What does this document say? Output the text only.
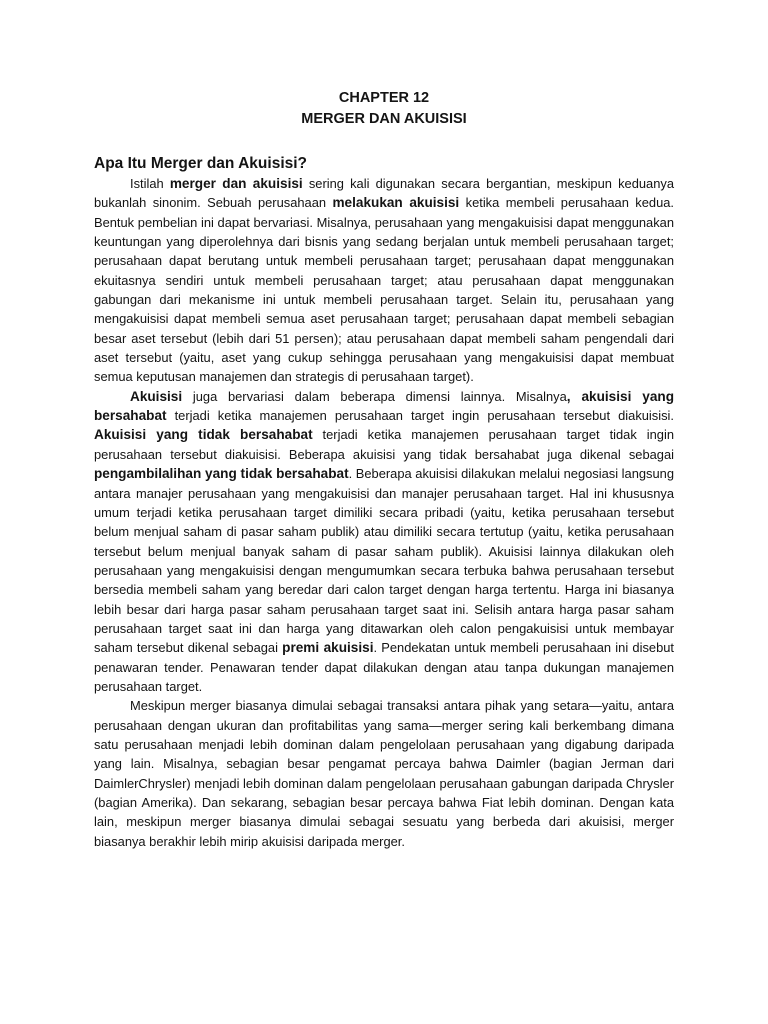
CHAPTER 12
MERGER DAN AKUISISI
Apa Itu Merger dan Akuisisi?

Istilah merger dan akuisisi sering kali digunakan secara bergantian, meskipun keduanya bukanlah sinonim. Sebuah perusahaan melakukan akuisisi ketika membeli perusahaan kedua. Bentuk pembelian ini dapat bervariasi. Misalnya, perusahaan yang mengakuisisi dapat menggunakan keuntungan yang diperolehnya dari bisnis yang sedang berjalan untuk membeli perusahaan target; perusahaan dapat berutang untuk membeli perusahaan target; perusahaan dapat menggunakan ekuitasnya sendiri untuk membeli perusahaan target; atau perusahaan dapat menggunakan gabungan dari mekanisme ini untuk membeli perusahaan target. Selain itu, perusahaan yang mengakuisisi dapat membeli semua aset perusahaan target; perusahaan dapat membeli sebagian besar aset tersebut (lebih dari 51 persen); atau perusahaan dapat membeli saham pengendali dari aset tersebut (yaitu, aset yang cukup sehingga perusahaan yang mengakuisisi dapat membuat semua keputusan manajemen dan strategis di perusahaan target).

Akuisisi juga bervariasi dalam beberapa dimensi lainnya. Misalnya, akuisisi yang bersahabat terjadi ketika manajemen perusahaan target ingin perusahaan tersebut diakuisisi. Akuisisi yang tidak bersahabat terjadi ketika manajemen perusahaan target tidak ingin perusahaan tersebut diakuisisi. Beberapa akuisisi yang tidak bersahabat juga dikenal sebagai pengambilalihan yang tidak bersahabat. Beberapa akuisisi dilakukan melalui negosiasi langsung antara manajer perusahaan yang mengakuisisi dan manajer perusahaan target. Hal ini khususnya umum terjadi ketika perusahaan target dimiliki secara pribadi (yaitu, ketika perusahaan tersebut belum menjual saham di pasar saham publik) atau dimiliki secara tertutup (yaitu, ketika perusahaan tersebut belum menjual banyak saham di pasar saham publik). Akuisisi lainnya dilakukan oleh perusahaan yang mengakuisisi dengan mengumumkan secara terbuka bahwa perusahaan tersebut bersedia membeli saham yang beredar dari calon target dengan harga tertentu. Harga ini biasanya lebih besar dari harga pasar saham perusahaan target saat ini. Selisih antara harga pasar saham perusahaan target saat ini dan harga yang ditawarkan oleh calon pengakuisisi untuk membayar saham tersebut dikenal sebagai premi akuisisi. Pendekatan untuk membeli perusahaan ini disebut penawaran tender. Penawaran tender dapat dilakukan dengan atau tanpa dukungan manajemen perusahaan target.

Meskipun merger biasanya dimulai sebagai transaksi antara pihak yang setara—yaitu, antara perusahaan dengan ukuran dan profitabilitas yang sama—merger sering kali berkembang dimana satu perusahaan menjadi lebih dominan dalam pengelolaan perusahaan yang digabung daripada yang lain. Misalnya, sebagian besar pengamat percaya bahwa Daimler (bagian Jerman dari DaimlerChrysler) menjadi lebih dominan dalam pengelolaan perusahaan gabungan daripada Chrysler (bagian Amerika). Dan sekarang, sebagian besar percaya bahwa Fiat lebih dominan. Dengan kata lain, meskipun merger biasanya dimulai sebagai sesuatu yang berbeda dari akuisisi, merger biasanya berakhir lebih mirip akuisisi daripada merger.
